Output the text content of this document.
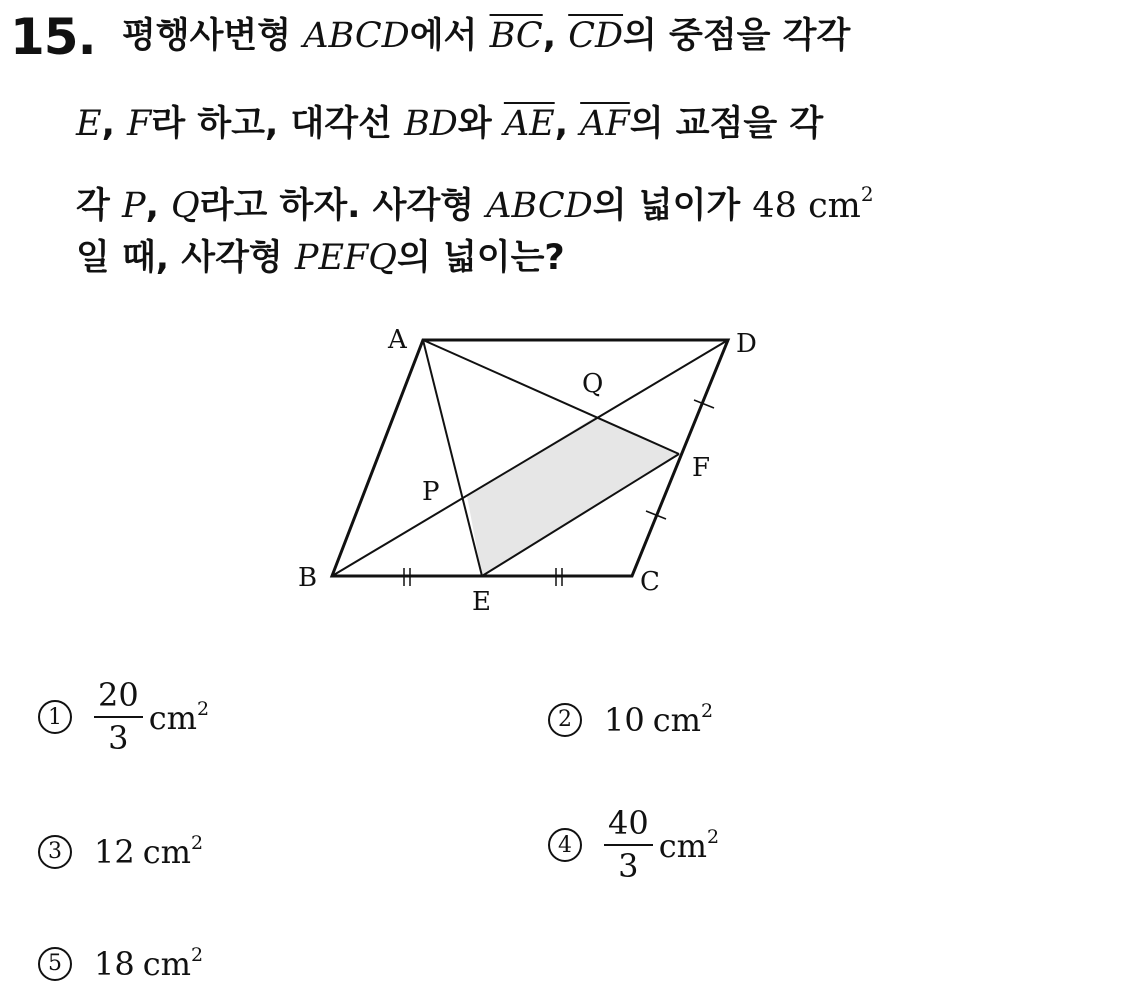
15. 평행사변형 ABCD에서 $\overline{BC}$, $\overline{CD}$의 중점을 각각
E, F라 하고, 대각선 BD와 $\overline{AE}$, $\overline{AF}$의 교점을 각
각 P, Q라고 하자. 사각형 ABCD의 넓이가 48 $cm^2$
일 때, 사각형 PEFQ의 넓이는?
A	D
B	C
E
F
P
Q
1	$\frac{20}{3} cm^2$	2	10 $cm^2$
3	12 $cm^2$	4	$\frac{40}{3} cm^2$
5	18 $cm^2$
